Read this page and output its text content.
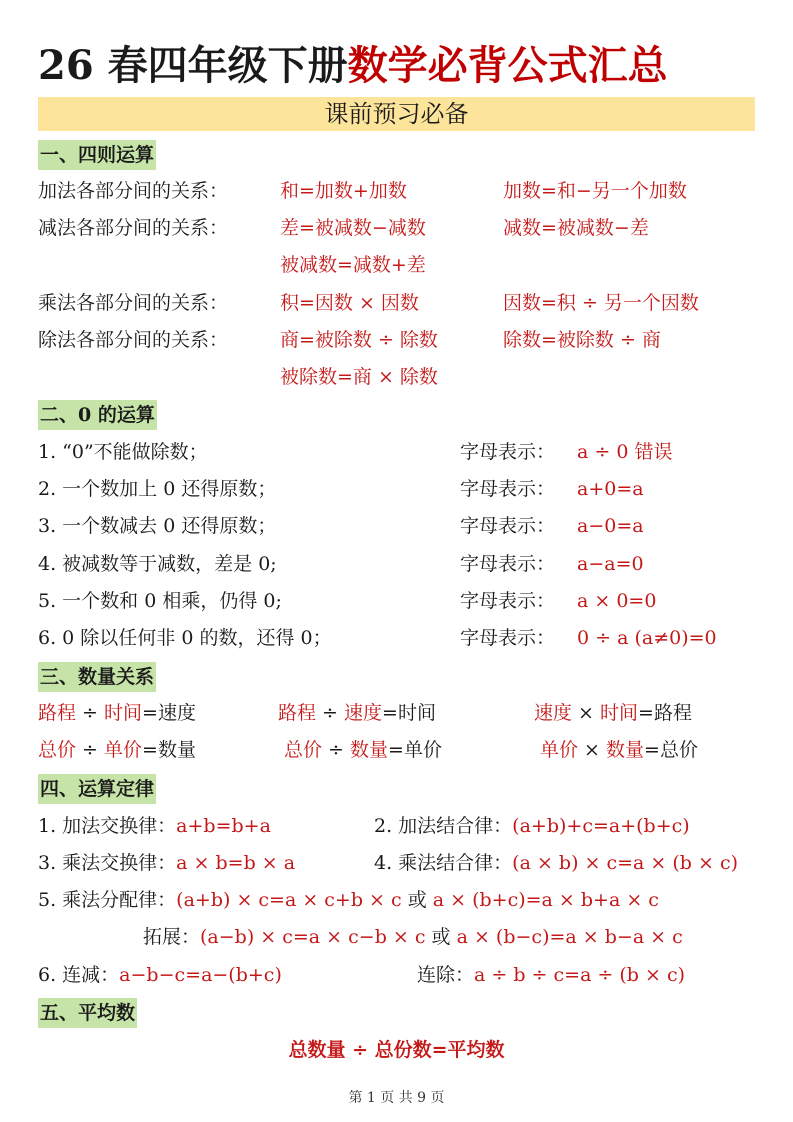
26 春四年级下册数学必背公式汇总
课前预习必备
一、四则运算
加法各部分间的关系：	和=加数+加数	加数=和−另一个加数
减法各部分间的关系：	差=被减数−减数	减数=被减数−差
被减数=减数+差
乘法各部分间的关系：	积=因数 × 因数	因数=积 ÷ 另一个因数
除法各部分间的关系：	商=被除数 ÷ 除数	除数=被除数 ÷ 商
被除数=商 × 除数
二、0 的运算
1. “0”不能做除数；	字母表示： a ÷ 0 错误
2. 一个数加上 0 还得原数；	字母表示： a+0=a
3. 一个数减去 0 还得原数；	字母表示： a−0=a
4. 被减数等于减数，差是 0;	字母表示： a−a=0
5. 一个数和 0 相乘，仍得 0;	字母表示： a × 0=0
6. 0 除以任何非 0 的数，还得 0；	字母表示： 0 ÷ a (a≠0)=0
三、数量关系
路程 ÷ 时间=速度	路程 ÷ 速度=时间	速度 × 时间=路程
总价 ÷ 单价=数量	总价 ÷ 数量=单价	单价 × 数量=总价
四、运算定律
1. 加法交换律：a+b=b+a	2. 加法结合律：(a+b)+c=a+(b+c)
3. 乘法交换律：a × b=b × a	4. 乘法结合律：(a × b) × c=a × (b × c)
5. 乘法分配律：(a+b) × c=a × c+b × c 或 a × (b+c)=a × b+a × c
拓展：(a−b) × c=a × c−b × c 或 a × (b−c)=a × b−a × c
6. 连减：a−b−c=a−(b+c)	连除：a ÷ b ÷ c=a ÷ (b × c)
五、平均数
总数量 ÷ 总份数=平均数
第 1 页 共 9 页
